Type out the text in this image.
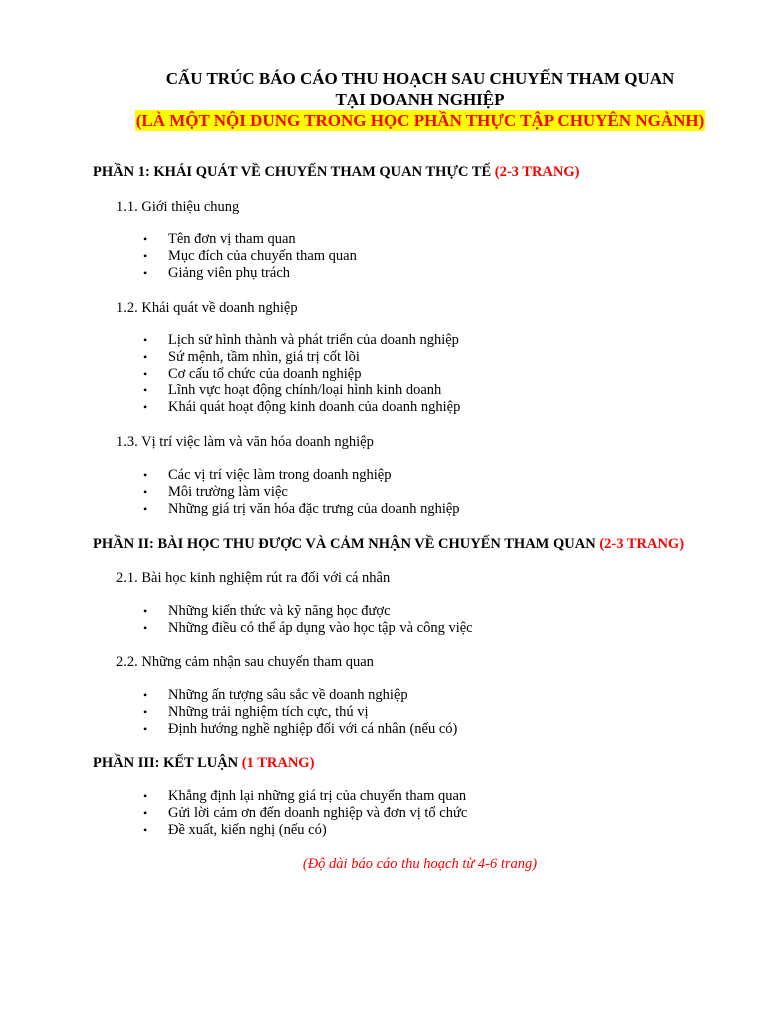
CẤU TRÚC BÁO CÁO THU HOẠCH SAU CHUYẾN THAM QUAN
TẠI DOANH NGHIỆP
(LÀ MỘT NỘI DUNG TRONG HỌC PHẦN THỰC TẬP CHUYÊN NGÀNH)
PHẦN 1: KHÁI QUÁT VỀ CHUYẾN THAM QUAN THỰC TẾ (2-3 TRANG)
1.1. Giới thiệu chung
• Tên đơn vị tham quan
• Mục đích của chuyến tham quan
• Giảng viên phụ trách
1.2. Khái quát về doanh nghiệp
• Lịch sử hình thành và phát triển của doanh nghiệp
• Sứ mệnh, tầm nhìn, giá trị cốt lõi
• Cơ cấu tổ chức của doanh nghiệp
• Lĩnh vực hoạt động chính/loại hình kinh doanh
• Khái quát hoạt động kinh doanh của doanh nghiệp
1.3. Vị trí việc làm và văn hóa doanh nghiệp
• Các vị trí việc làm trong doanh nghiệp
• Môi trường làm việc
• Những giá trị văn hóa đặc trưng của doanh nghiệp
PHẦN II: BÀI HỌC THU ĐƯỢC VÀ CẢM NHẬN VỀ CHUYẾN THAM QUAN (2-3 TRANG)
2.1. Bài học kinh nghiệm rút ra đối với cá nhân
• Những kiến thức và kỹ năng học được
• Những điều có thể áp dụng vào học tập và công việc
2.2. Những cảm nhận sau chuyến tham quan
• Những ấn tượng sâu sắc về doanh nghiệp
• Những trải nghiệm tích cực, thú vị
• Định hướng nghề nghiệp đối với cá nhân (nếu có)
PHẦN III: KẾT LUẬN (1 TRANG)
• Khẳng định lại những giá trị của chuyến tham quan
• Gửi lời cảm ơn đến doanh nghiệp và đơn vị tổ chức
• Đề xuất, kiến nghị (nếu có)
(Độ dài báo cáo thu hoạch từ 4-6 trang)
